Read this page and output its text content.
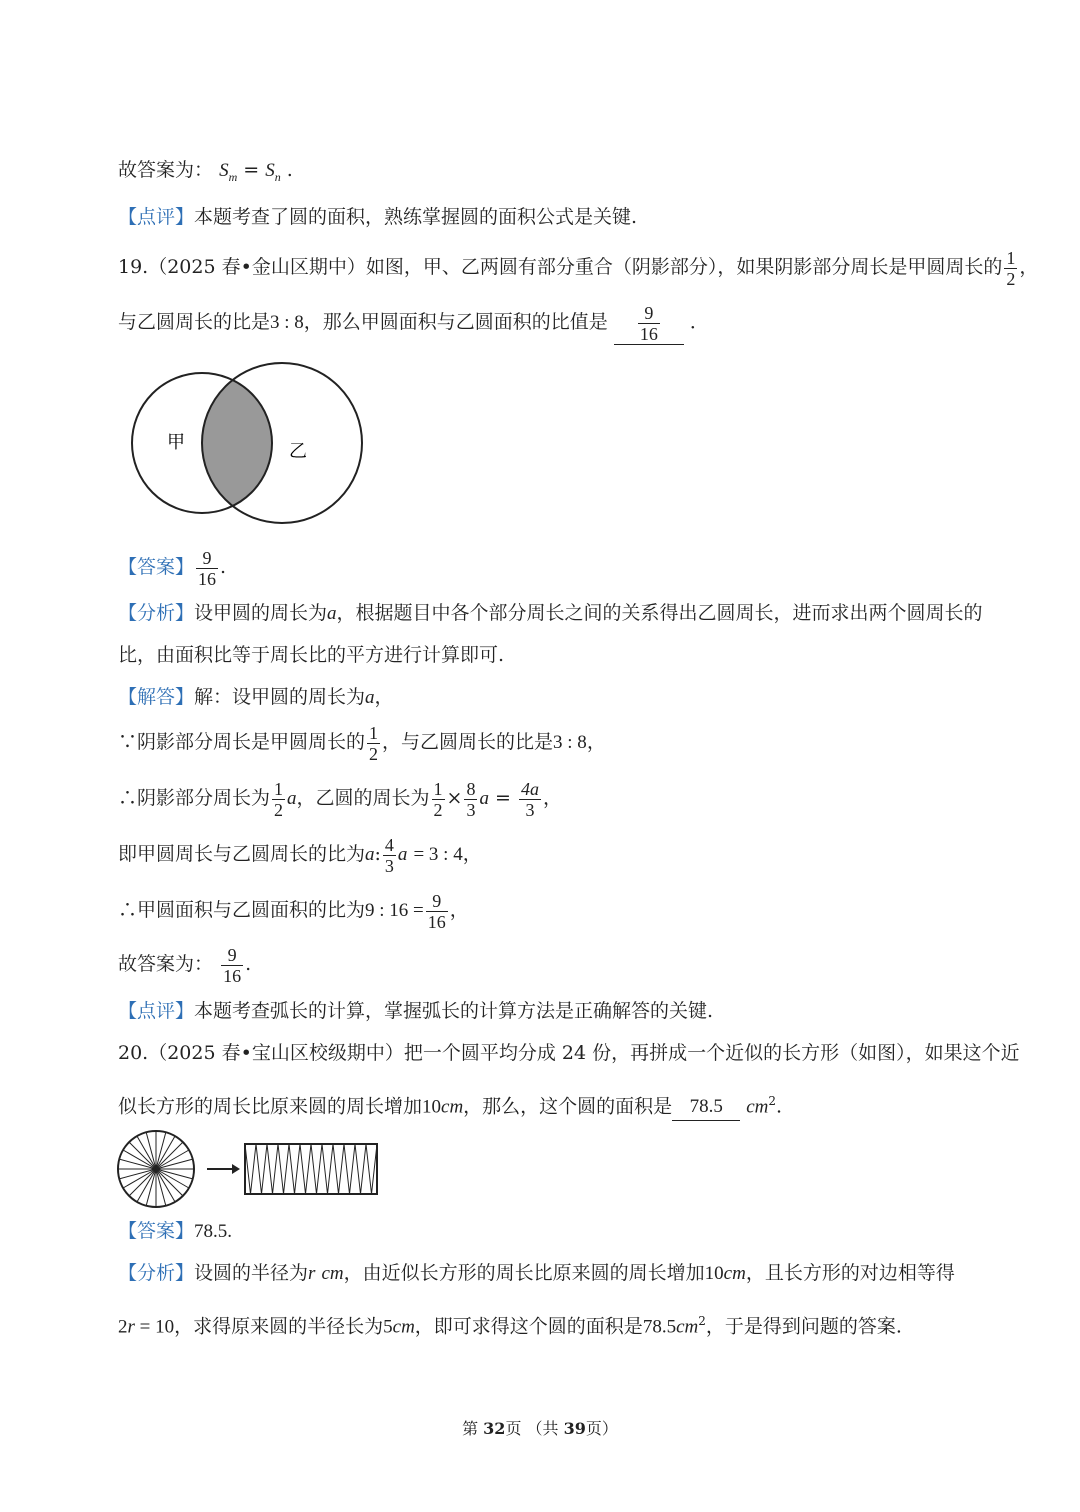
故答案为： $S_m = S_n$ .
【点评】本题考查了圆的面积，熟练掌握圆的面积公式是关键.
19.（2025 春•金山区期中）如图，甲、乙两圆有部分重合（阴影部分），如果阴影部分周长是甲圆周长的 $\frac{1}{2}$ ，
与乙圆周长的比是3 : 8，那么甲圆面积与乙圆面积的比值是 $\frac{9}{16}$ ．
甲	乙
【答案】 $\frac{9}{16}$ .
【分析】设甲圆的周长为a，根据题目中各个部分周长之间的关系得出乙圆周长，进而求出两个圆周长的
比，由面积比等于周长比的平方进行计算即可.
【解答】解：设甲圆的周长为a，
∵阴影部分周长是甲圆周长的 $\frac{1}{2}$ ，与乙圆周长的比是3 : 8，
∴阴影部分周长为 $\frac{1}{2}$ a，乙圆的周长为 $\frac{1}{2} \times \frac{8}{3}$ $a = \frac{4a}{3}$ ，
即甲圆周长与乙圆周长的比为a: $\frac{4}{3}$ a = 3 : 4，
∴甲圆面积与乙圆面积的比为9 : $16 = \frac{9}{16}$ ，
故答案为： $\frac{9}{16}$ .
【点评】本题考查弧长的计算，掌握弧长的计算方法是正确解答的关键.
20.（2025 春•宝山区校级期中）把一个圆平均分成 24 份，再拼成一个近似的长方形（如图），如果这个近
似长方形的周长比原来圆的周长增加10cm，那么，这个圆的面积是 78.5 $cm^2$.
【答案】78.5.
【分析】设圆的半径为r cm，由近似长方形的周长比原来圆的周长增加10cm，且长方形的对边相等得
2r = 10，求得原来圆的半径长为5cm，即可求得这个圆的面积是$78.5cm^2$，于是得到问题的答案.
第 32页 （共 39页）
